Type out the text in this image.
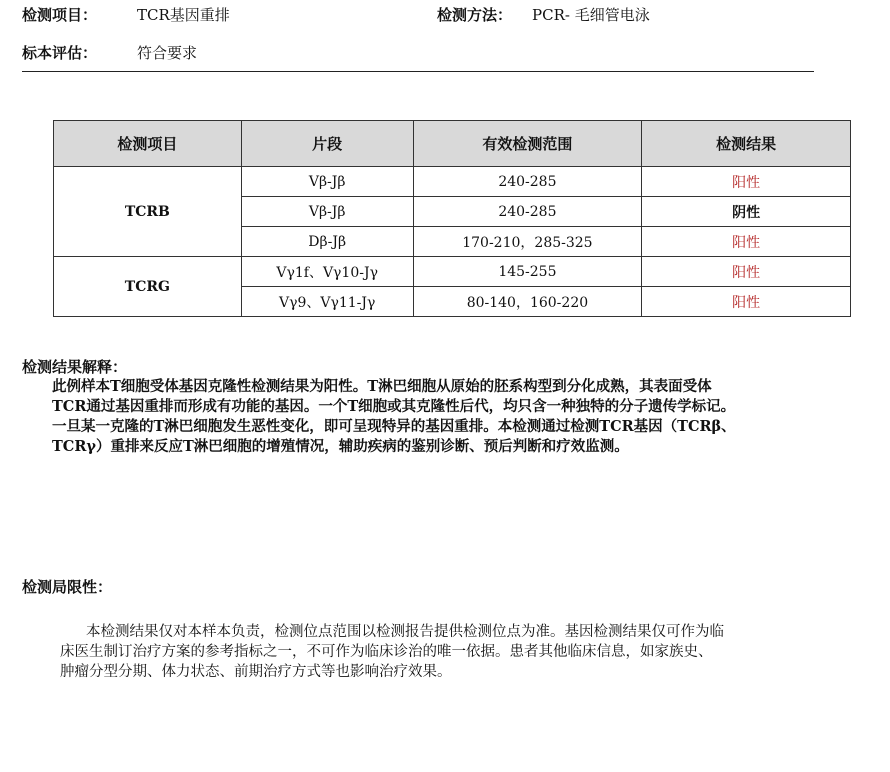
检测项目：	TCR基因重排	检测方法： PCR- 毛细管电泳
标本评估：	符合要求
检测项目	片段	有效检测范围	检测结果
TCRB	Vβ-Jβ	240-285	阳性
	Vβ-Jβ	240-285	阴性
	Dβ-Jβ	170-210，285-325	阳性
TCRG	Vγ1f、Vγ10-Jγ	145-255	阳性
	Vγ9、Vγ11-Jγ	80-140，160-220	阳性
检测结果解释：
此例样本T细胞受体基因克隆性检测结果为阳性。T淋巴细胞从原始的胚系构型到分化成熟，其表面受体
TCR通过基因重排而形成有功能的基因。一个T细胞或其克隆性后代，均只含一种独特的分子遗传学标记。
一旦某一克隆的T淋巴细胞发生恶性变化，即可呈现特异的基因重排。本检测通过检测TCR基因（TCRβ、
TCRγ）重排来反应T淋巴细胞的增殖情况，辅助疾病的鉴别诊断、预后判断和疗效监测。
检测局限性：
本检测结果仅对本样本负责，检测位点范围以检测报告提供检测位点为准。基因检测结果仅可作为临
床医生制订治疗方案的参考指标之一，不可作为临床诊治的唯一依据。患者其他临床信息，如家族史、
肿瘤分型分期、体力状态、前期治疗方式等也影响治疗效果。
